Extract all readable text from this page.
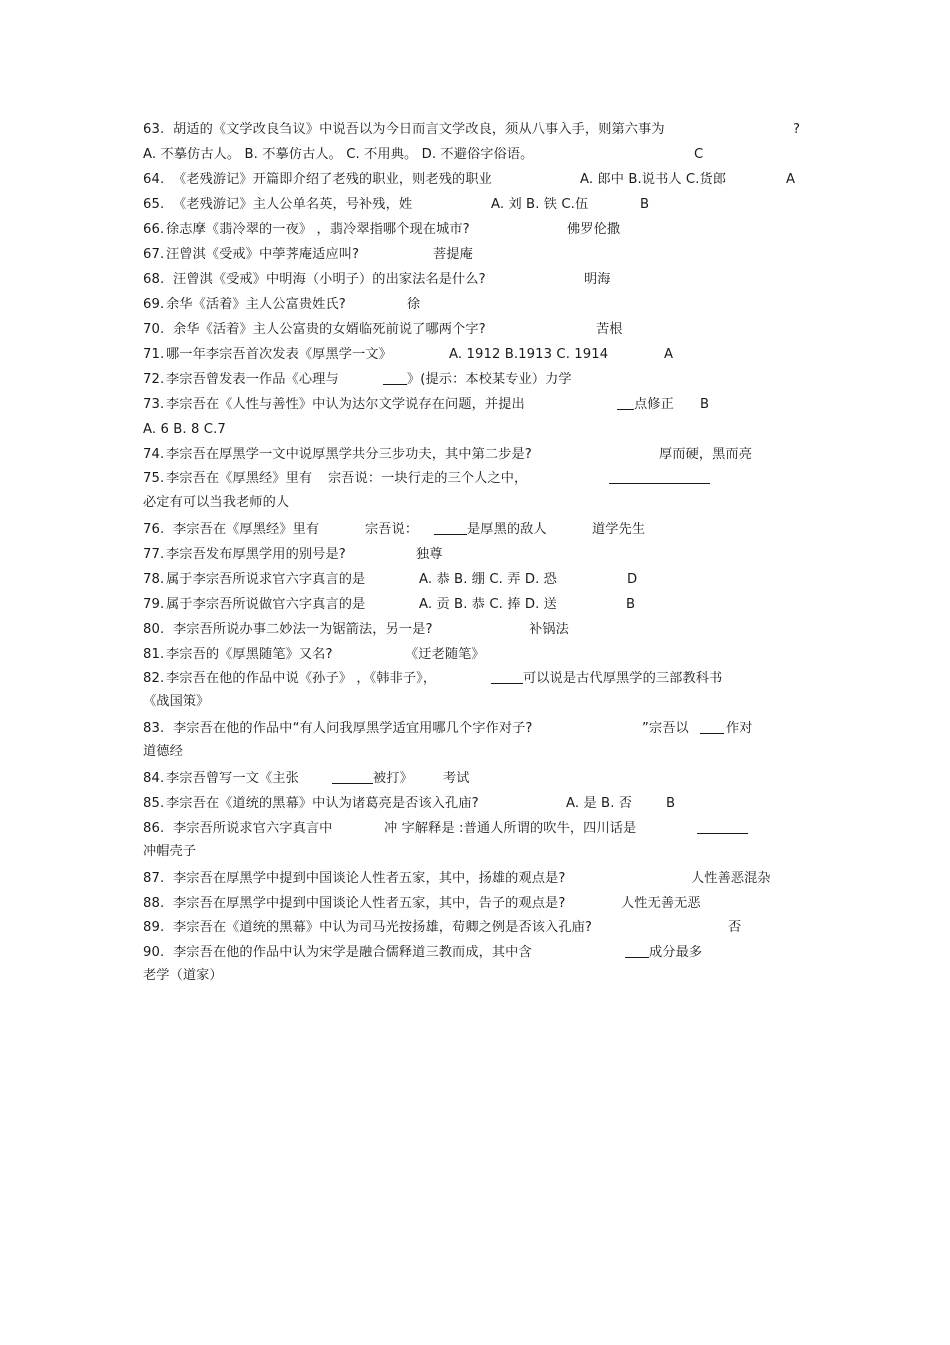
63. 胡适的《文学改良刍议》中说吾以为今日而言文学改良，须从八事入手，则第六事为	?
A. 不摹仿古人。 B. 不摹仿古人。 C. 不用典。 D. 不避俗字俗语。	C
64. 《老残游记》开篇即介绍了老残的职业，则老残的职业	A. 郎中 B.说书人 C.货郎	A
65. 《老残游记》主人公单名英，号补残，姓	A. 刘 B. 铁 C.伍	B
66. 徐志摩《翡冷翠的一夜》 ，翡冷翠指哪个现在城市?	佛罗伦撒
67. 汪曾淇《受戒》中荸荠庵适应叫?	菩提庵
68. 汪曾淇《受戒》中明海（小明子）的出家法名是什么?	明海
69. 余华《活着》主人公富贵姓氏?	徐
70. 余华《活着》主人公富贵的女婿临死前说了哪两个字?	苦根
71. 哪一年李宗吾首次发表《厚黑学一文》	A. 1912 B.1913 C. 1914	A
72. 李宗吾曾发表一作品《心理与	》(提示：本校某专业）力学
73. 李宗吾在《人性与善性》中认为达尔文学说存在问题，并提出	点修正 B
A. 6 B. 8 C.7
74. 李宗吾在厚黑学一文中说厚黑学共分三步功夫，其中第二步是?	厚而硬，黑而亮
75. 李宗吾在《厚黑经》里有 宗吾说：一块行走的三个人之中，
必定有可以当我老师的人
76. 李宗吾在《厚黑经》里有	宗吾说：	是厚黑的敌人	道学先生
77. 李宗吾发布厚黑学用的别号是?	独尊
78. 属于李宗吾所说求官六字真言的是	A. 恭 B. 绷 C. 弄 D. 恐	D
79. 属于李宗吾所说做官六字真言的是	A. 贡 B. 恭 C. 捧 D. 送	B
80. 李宗吾所说办事二妙法一为锯箭法，另一是?	补锅法
81. 李宗吾的《厚黑随笔》又名?	《迂老随笔》
82. 李宗吾在他的作品中说《孙子》 ，《韩非子》，	可以说是古代厚黑学的三部教科书
《战国策》
83. 李宗吾在他的作品中“有人问我厚黑学适宜用哪几个字作对子?	”宗吾以	作对
道德经
84. 李宗吾曾写一文《主张	被打》 考试
85. 李宗吾在《道统的黑幕》中认为诸葛亮是否该入孔庙?	A. 是 B. 否	B
86. 李宗吾所说求官六字真言中	冲 字解释是 :普通人所谓的吹牛，四川话是
冲帽壳子
87. 李宗吾在厚黑学中提到中国谈论人性者五家，其中，扬雄的观点是?	人性善恶混杂
88. 李宗吾在厚黑学中提到中国谈论人性者五家，其中，告子的观点是?	人性无善无恶
89. 李宗吾在《道统的黑幕》中认为司马光按扬雄，荀卿之例是否该入孔庙?	否
90. 李宗吾在他的作品中认为宋学是融合儒释道三教而成，其中含	成分最多
老学（道家）
